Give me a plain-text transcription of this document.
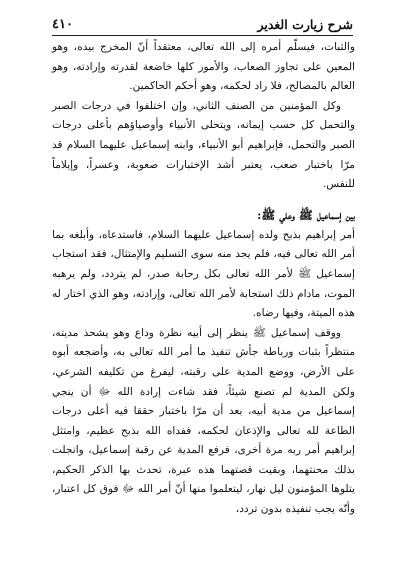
شرح زيارت الغدير
٤١٠

والثبات، فيسلّم أمره إلى الله تعالى، معتقداً أنّ المخرج بيده، وهو المعين على تجاوز الصعاب، والأمور كلها خاضعة لقدرته وإرادته، وهو العالم بالمصالح، فلا راد لحكمه، وهو أحكم الحاكمين.

وكل المؤمنين من الصنف الثاني، وإن اختلفوا في درجات الصبر والتحمل كل حسب إيمانه، ويتحلى الأنبياء وأوصياؤهم بأعلى درجات الصبر والتحمل، فإبراهيم أبو الأنبياء، وابنه إسماعيل عليهما السلام قد مرّا باختبار صعب، يعتبر أشد الإختبارات صعوبة، وعسراً، وإيلاماً للنفس.

بين إسماعيل ﷺ وعلي ﷺ:

أمر إبراهيم بذبح ولده إسماعيل عليهما السلام، فاستدعاه، وأبلغه بما أمر الله تعالى فيه، فلم يجد منه سوى التسليم والإمتثال، فقد استجاب إسماعيل ﷺ لأمر الله تعالى بكل رحابة صدر، لم يتردد، ولم يرهبه الموت، مادام ذلك استجابة لأمر الله تعالى، وإرادته، وهو الذي اختار له هذه الميتة، وفيها رضاه.

ووقف إسماعيل ﷺ ينظر إلى أبيه نظرة وداع وهو يشحذ مديته، منتظراً بثبات ورباطة جأش تنفيذ ما أمر الله تعالى به، وأضجعه أبوه على الأرض، ووضع المدية على رقبته، ليفرغ من تكليفه الشرعي، ولكن المدية لم تصنع شيئاً، فقد شاءت إرادة الله ﷻ أن ينجي إسماعيل من مدية أبيه، بعد أن مرّا باختبار حققا فيه أعلى درجات الطاعة لله تعالى والإذعان لحكمه، ففداه الله بذبح عظيم، وامتثل إبراهيم أمر ربه مرة أخرى، فرفع المدية عن رقبة إسماعيل، وانجلت بذلك محنتهما، وبقيت قصتهما هذه عبرة، تحدث بها الذكر الحكيم، يتلوها المؤمنون ليل نهار، ليتعلموا منها أنّ أمر الله ﷻ فوق كل اعتبار، وأنّه يجب تنفيذه بدون تردد،
